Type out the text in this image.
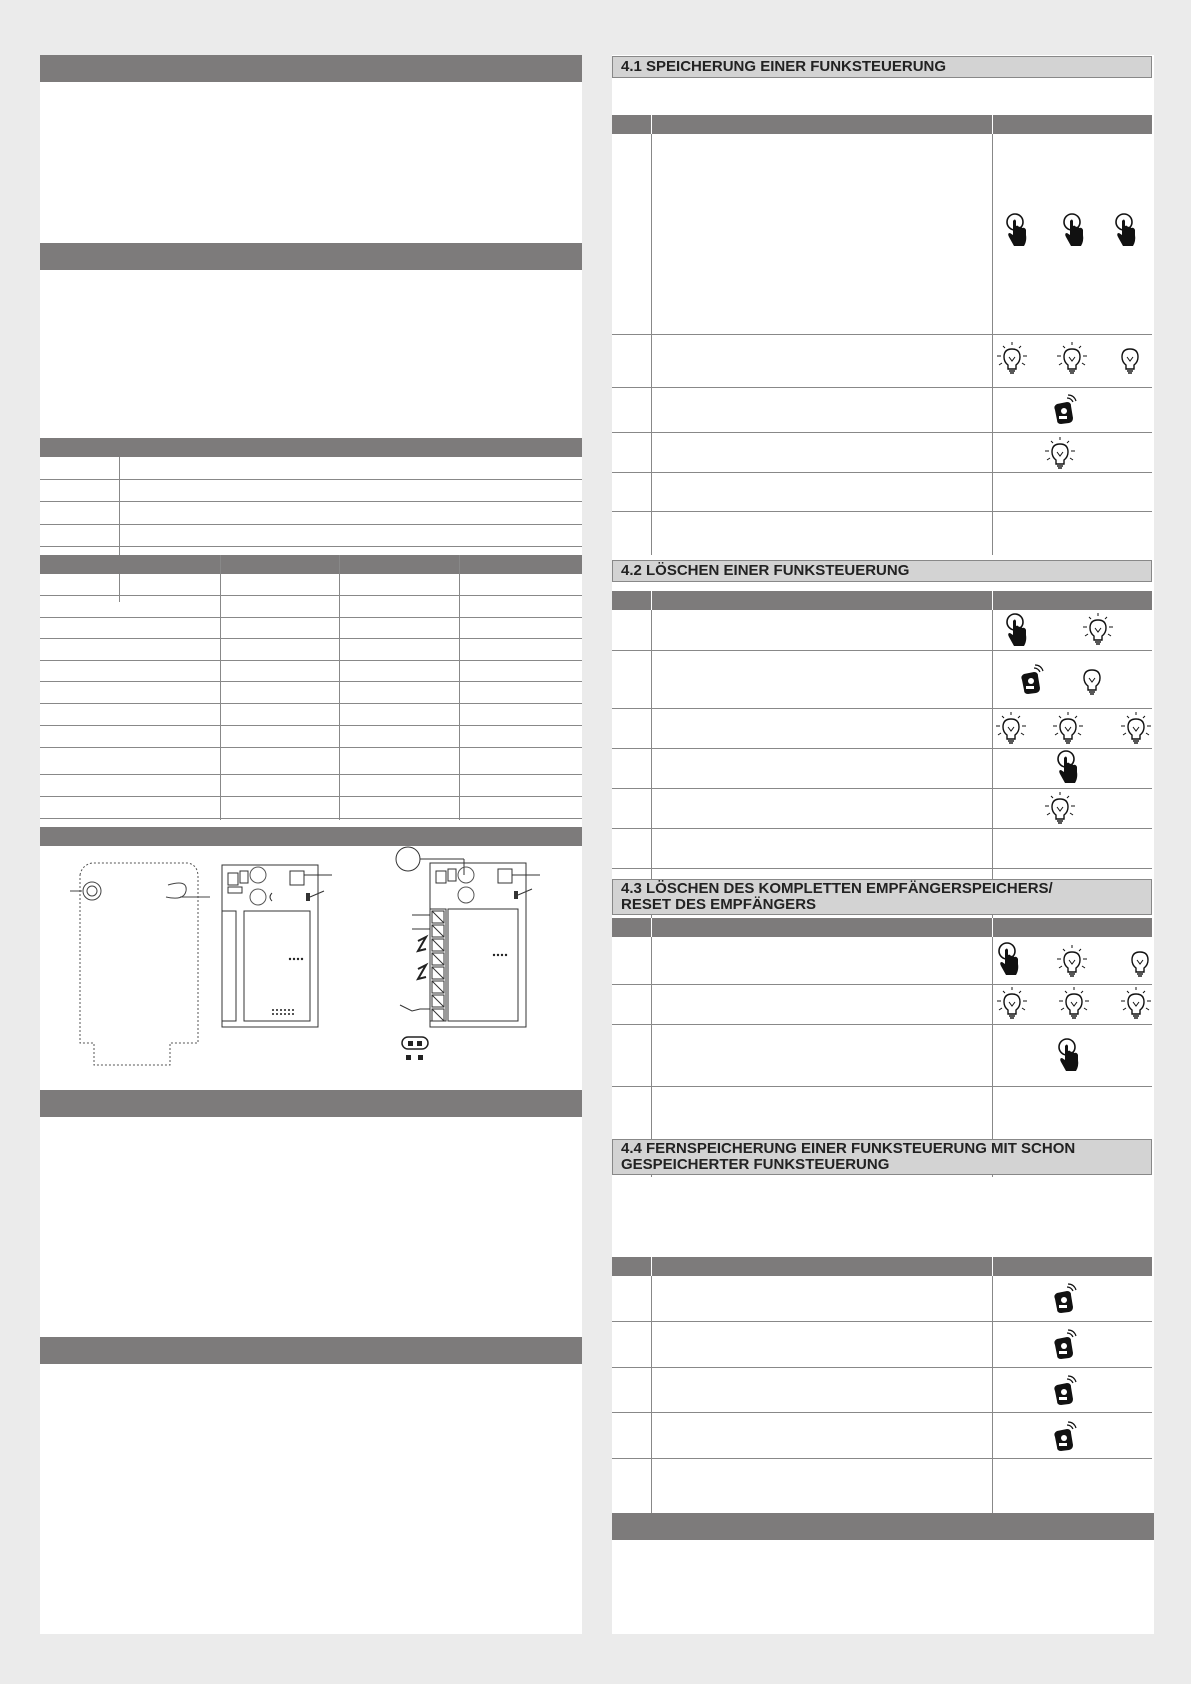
4.1 SPEICHERUNG EINER FUNKSTEUERUNG
4.2 LÖSCHEN EINER FUNKSTEUERUNG
4.3 LÖSCHEN DES KOMPLETTEN EMPFÄNGERSPEICHERS/
RESET DES EMPFÄNGERS
4.4 FERNSPEICHERUNG EINER FUNKSTEUERUNG MIT SCHON
GESPEICHERTER FUNKSTEUERUNG
